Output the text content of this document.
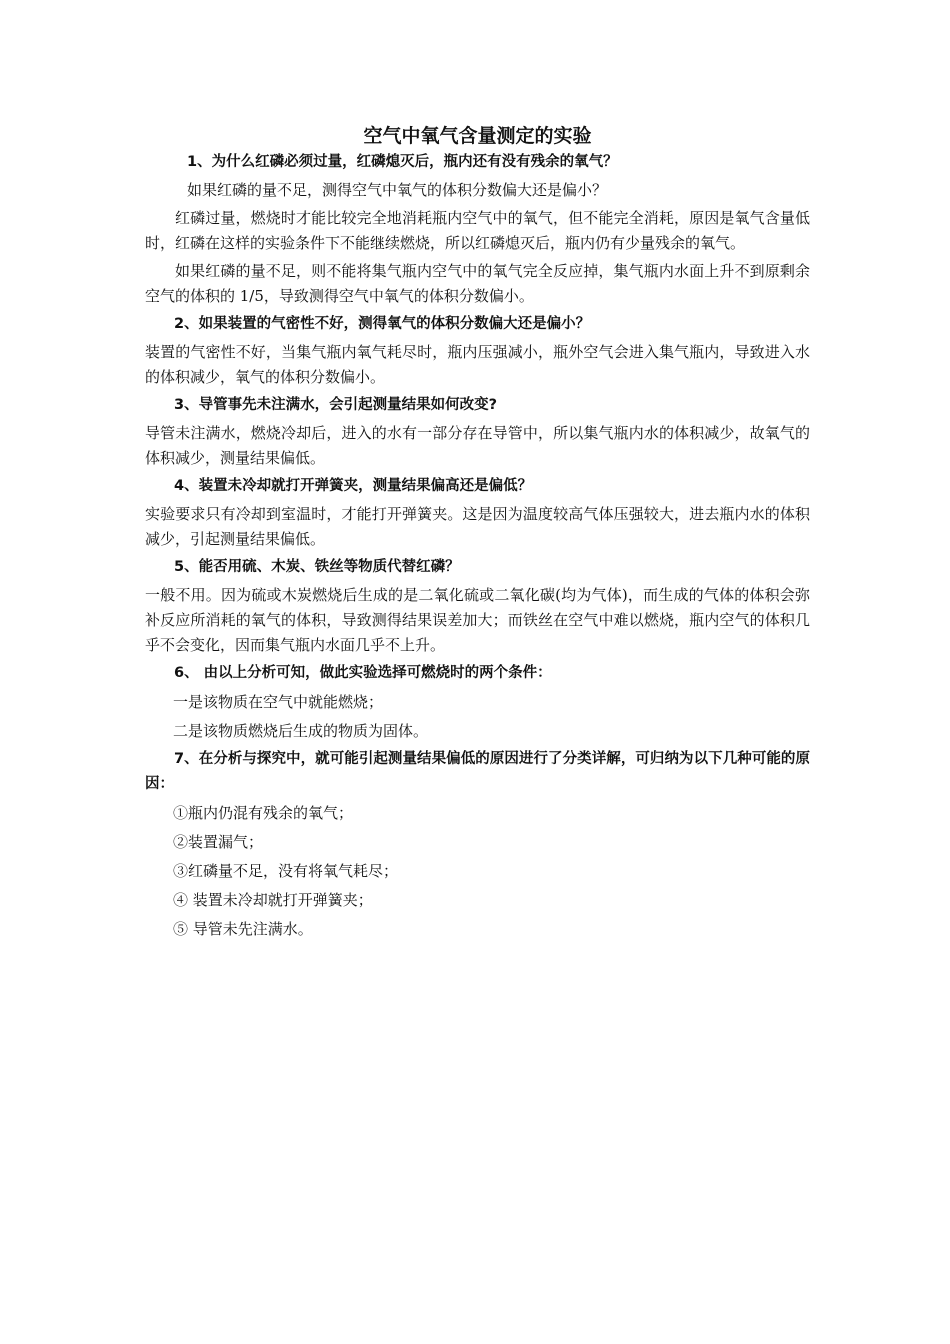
空气中氧气含量测定的实验

1、为什么红磷必须过量，红磷熄灭后，瓶内还有没有残余的氧气？

如果红磷的量不足，测得空气中氧气的体积分数偏大还是偏小？

红磷过量，燃烧时才能比较完全地消耗瓶内空气中的氧气，但不能完全消耗，原因是氧气含量低时，红磷在这样的实验条件下不能继续燃烧，所以红磷熄灭后，瓶内仍有少量残余的氧气。

如果红磷的量不足，则不能将集气瓶内空气中的氧气完全反应掉，集气瓶内水面上升不到原剩余空气的体积的 1/5，导致测得空气中氧气的体积分数偏小。

2、如果装置的气密性不好，测得氧气的体积分数偏大还是偏小？

装置的气密性不好，当集气瓶内氧气耗尽时，瓶内压强减小，瓶外空气会进入集气瓶内，导致进入水的体积减少，氧气的体积分数偏小。

3、导管事先未注满水，会引起测量结果如何改变?

导管未注满水，燃烧冷却后，进入的水有一部分存在导管中，所以集气瓶内水的体积减少，故氧气的体积减少，测量结果偏低。

4、装置未冷却就打开弹簧夹，测量结果偏高还是偏低？

实验要求只有冷却到室温时，才能打开弹簧夹。这是因为温度较高气体压强较大，进去瓶内水的体积减少，引起测量结果偏低。

5、能否用硫、木炭、铁丝等物质代替红磷？

一般不用。因为硫或木炭燃烧后生成的是二氧化硫或二氧化碳(均为气体)，而生成的气体的体积会弥补反应所消耗的氧气的体积，导致测得结果误差加大；而铁丝在空气中难以燃烧，瓶内空气的体积几乎不会变化，因而集气瓶内水面几乎不上升。

6、 由以上分析可知，做此实验选择可燃烧时的两个条件：

一是该物质在空气中就能燃烧；

二是该物质燃烧后生成的物质为固体。

7、在分析与探究中，就可能引起测量结果偏低的原因进行了分类详解，可归纳为以下几种可能的原因：

①瓶内仍混有残余的氧气；

②装置漏气；

③红磷量不足，没有将氧气耗尽；

④ 装置未冷却就打开弹簧夹；

⑤ 导管未先注满水。
